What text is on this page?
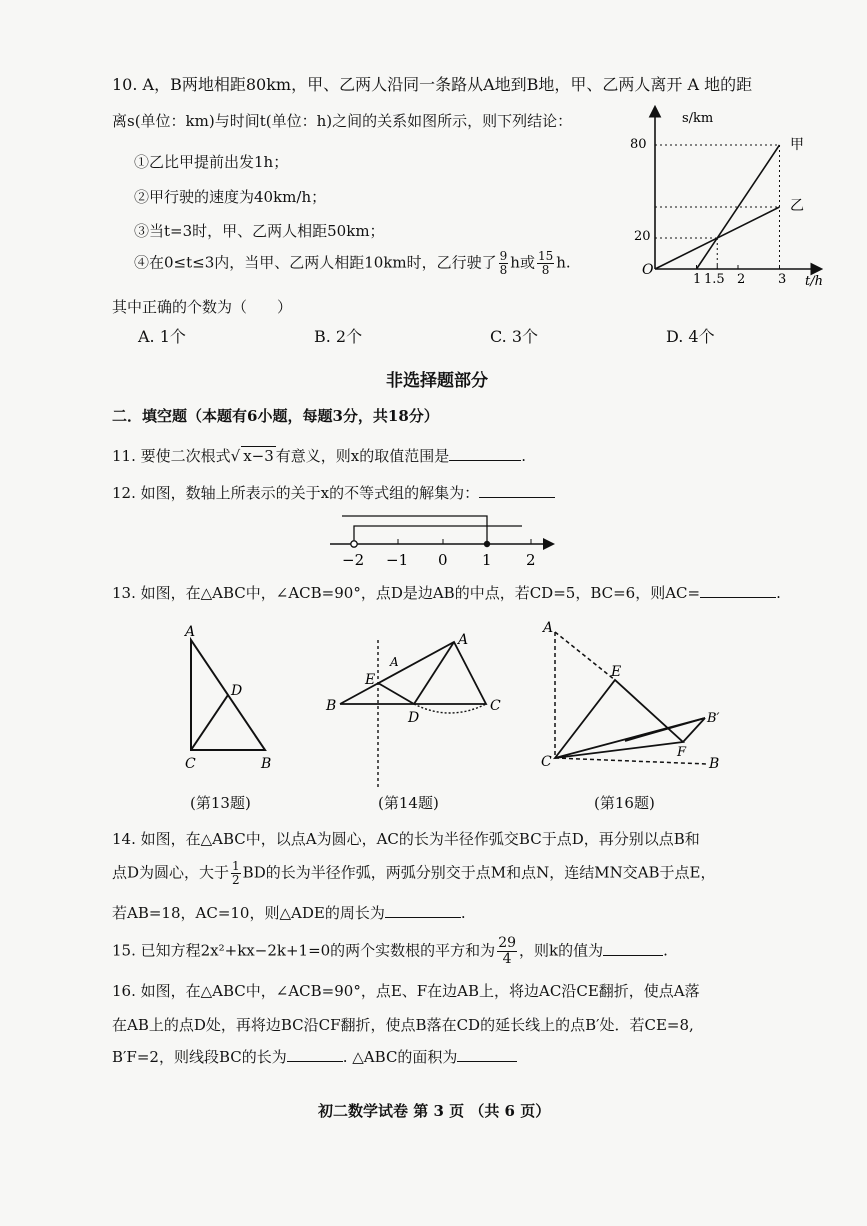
10. A，B两地相距80km，甲、乙两人沿同一条路从A地到B地，甲、乙两人离开 A 地的距
离s(单位：km)与时间t(单位：h)之间的关系如图所示，则下列结论：
①乙比甲提前出发1h；
②甲行驶的速度为40km/h；
③当t=3时，甲、乙两人相距50km；
④在0≤t≤3内，当甲、乙两人相距10km时，乙行驶了 $\frac{9}{8}$ h或 $\frac{15}{8} h$.
其中正确的个数为（　　）
A. 1个	B. 2个	C. 3个	D. 4个
s/km
t/h
O
80
20
1 1.5 2	3
甲
乙
非选择题部分
二．填空题（本题有6小题，每题3分，共18分）
11. 要使二次根式√ x−3 有意义，则x的取值范围是	.
12. 如图，数轴上所表示的关于x的不等式组的解集为：
−2 −1 0 1 2
13. 如图，在△ABC中，∠ACB=90°，点D是边AB的中点，若CD=5，BC=6，则AC=	.
A
D
C	B
A
A
E
B
D
C
A
E
B′
F
C	B
(第13题)	(第14题)	(第16题)
14. 如图，在△ABC中，以点A为圆心，AC的长为半径作弧交BC于点D，再分别以点B和
点D为圆心，大于 $\frac{1}{2}$ BD的长为半径作弧，两弧分别交于点M和点N，连结MN交AB于点E，
若AB=18，AC=10，则△ADE的周长为	.
15. 已知方程2x²+kx−2k+1=0的两个实数根的平方和为 $\frac{29}{4}$ ，则k的值为	.
16. 如图，在△ABC中，∠ACB=90°，点E、F在边AB上，将边AC沿CE翻折，使点A落
在AB上的点D处，再将边BC沿CF翻折，使点B落在CD的延长线上的点B′处．若CE=8,
B′F=2，则线段BC的长为	. △ABC的面积为
初二数学试卷 第 3 页 （共 6 页）
